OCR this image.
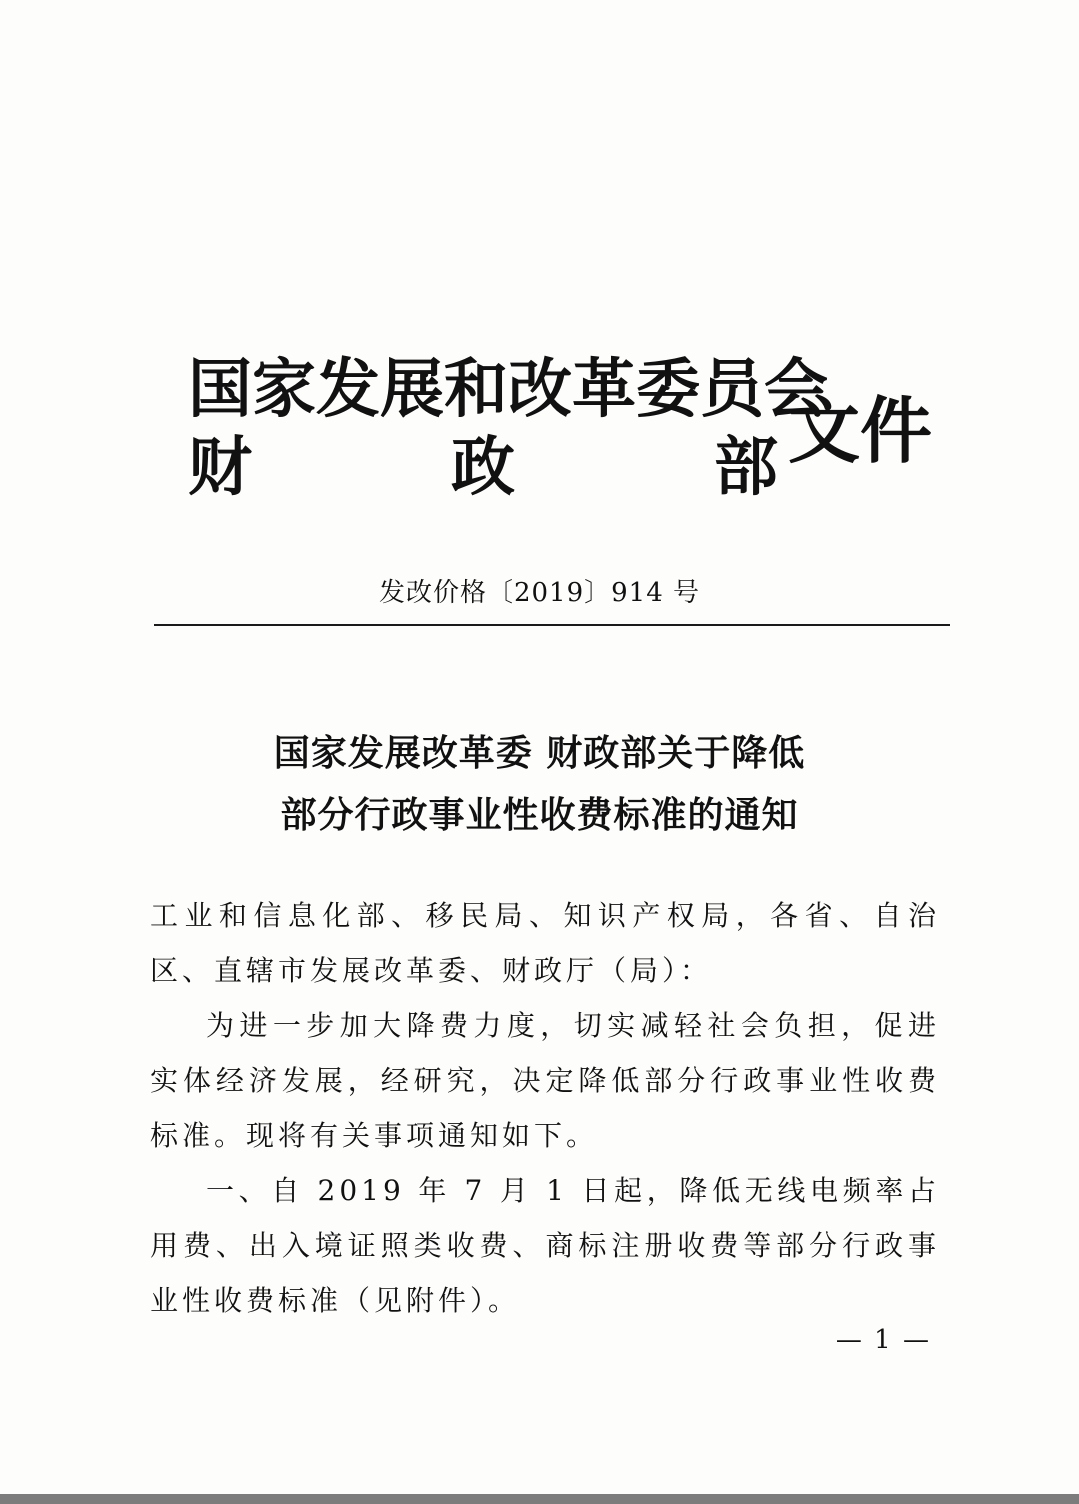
国家发展和改革委员会
财	政	部 文件
发改价格〔2019〕914 号
国家发展改革委 财政部关于降低
部分行政事业性收费标准的通知

工业和信息化部、移民局、知识产权局，各省、自治区、直辖市发展改革委、财政厅（局）：

为进一步加大降费力度，切实减轻社会负担，促进实体经济发展，经研究，决定降低部分行政事业性收费标准。现将有关事项通知如下。

一、自 2019 年 7 月 1 日起，降低无线电频率占用费、出入境证照类收费、商标注册收费等部分行政事业性收费标准（见附件）。

— 1 —
